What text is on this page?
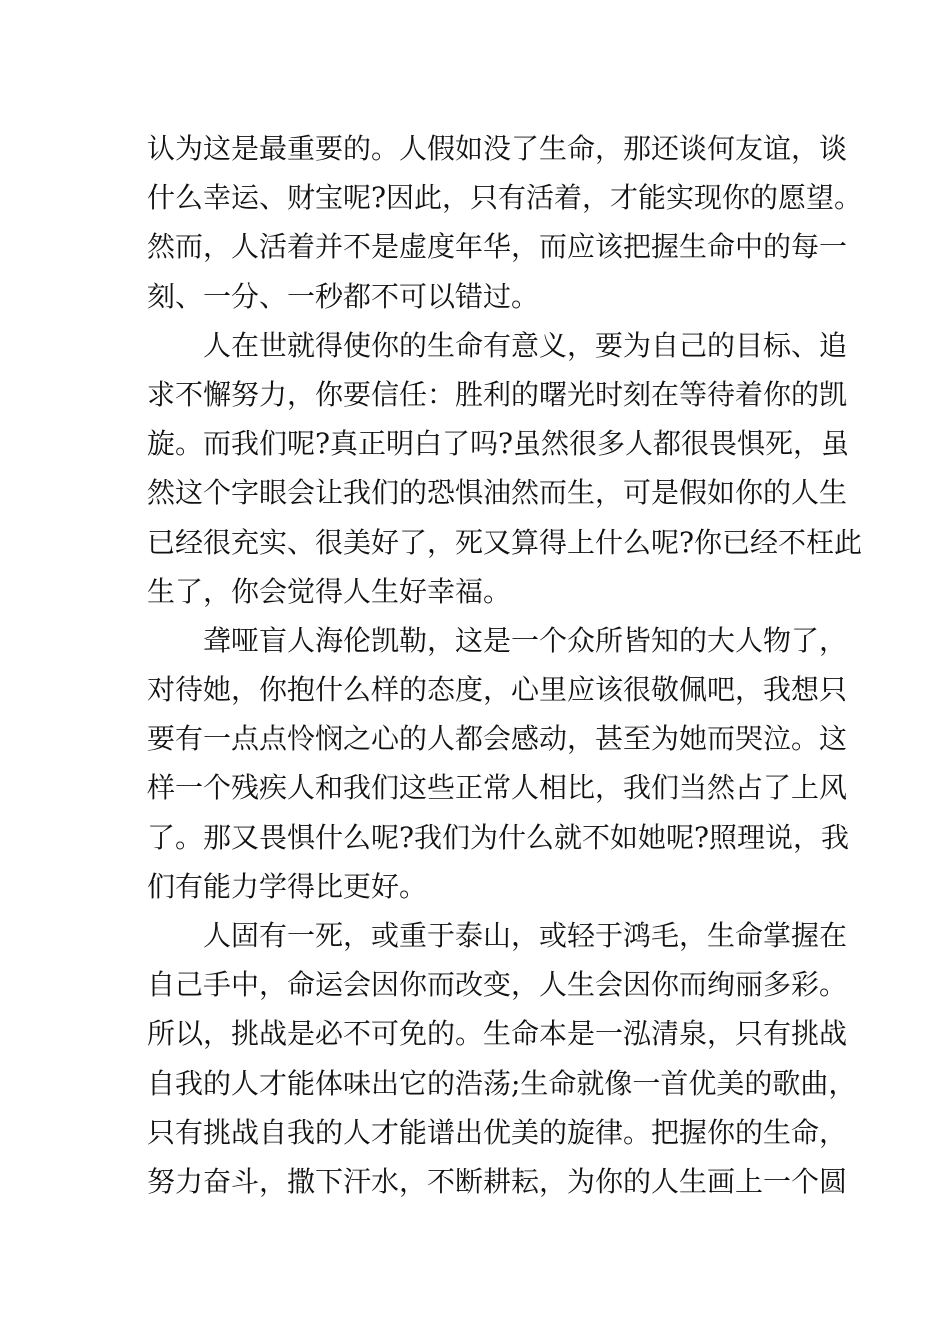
认为这是最重要的。人假如没了生命，那还谈何友谊，谈
什么幸运、财宝呢?因此，只有活着，才能实现你的愿望。
然而，人活着并不是虚度年华，而应该把握生命中的每一
刻、一分、一秒都不可以错过。
人在世就得使你的生命有意义，要为自己的目标、追
求不懈努力，你要信任：胜利的曙光时刻在等待着你的凯
旋。而我们呢?真正明白了吗?虽然很多人都很畏惧死，虽
然这个字眼会让我们的恐惧油然而生，可是假如你的人生
已经很充实、很美好了，死又算得上什么呢?你已经不枉此
生了，你会觉得人生好幸福。
聋哑盲人海伦凯勒，这是一个众所皆知的大人物了，
对待她，你抱什么样的态度，心里应该很敬佩吧，我想只
要有一点点怜悯之心的人都会感动，甚至为她而哭泣。这
样一个残疾人和我们这些正常人相比，我们当然占了上风
了。那又畏惧什么呢?我们为什么就不如她呢?照理说，我
们有能力学得比更好。
人固有一死，或重于泰山，或轻于鸿毛，生命掌握在
自己手中，命运会因你而改变，人生会因你而绚丽多彩。
所以，挑战是必不可免的。生命本是一泓清泉，只有挑战
自我的人才能体味出它的浩荡;生命就像一首优美的歌曲，
只有挑战自我的人才能谱出优美的旋律。把握你的生命，
努力奋斗，撒下汗水，不断耕耘，为你的人生画上一个圆
